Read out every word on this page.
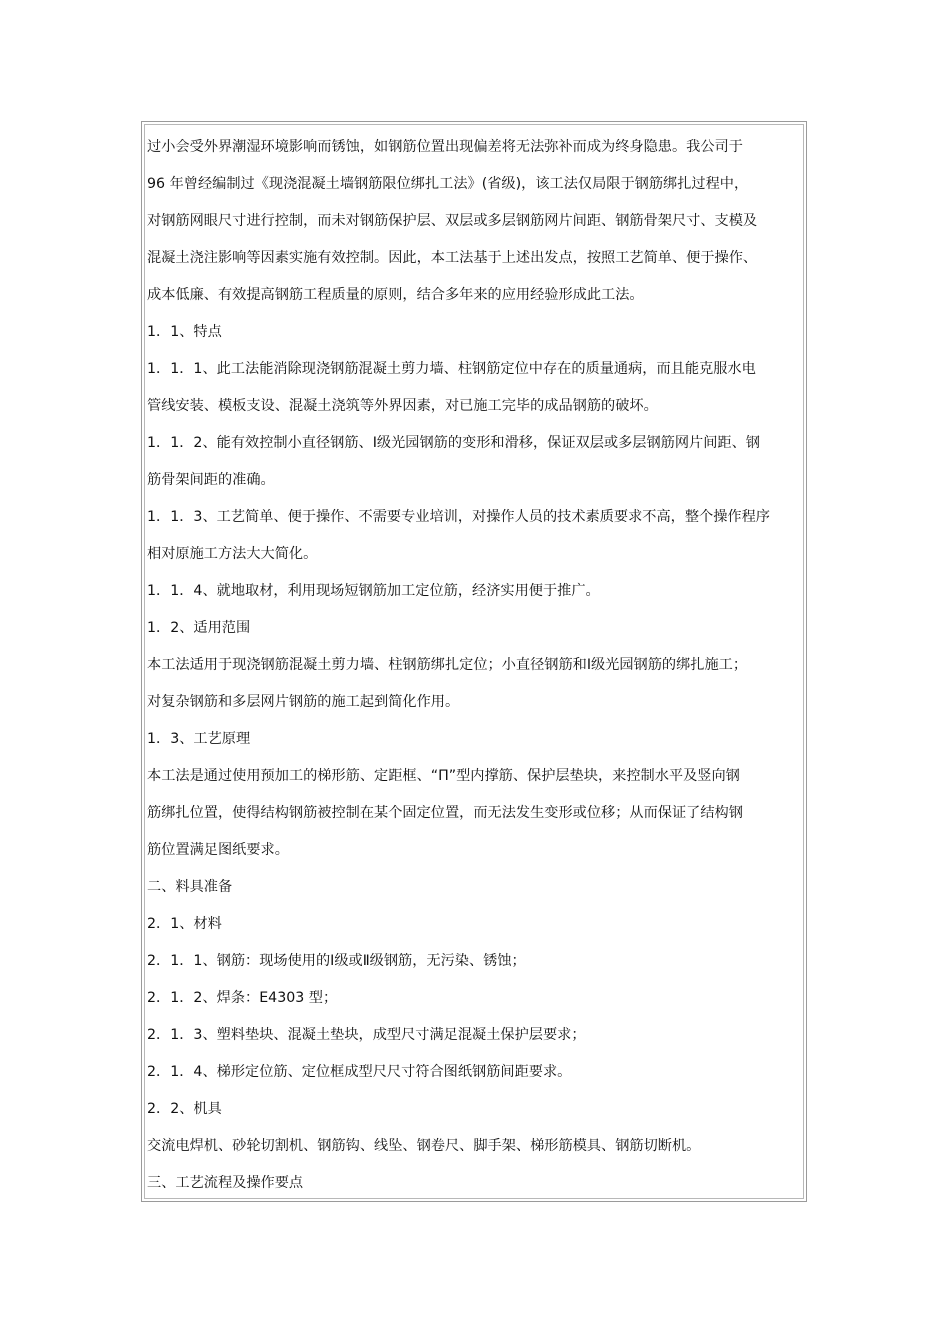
过小会受外界潮湿环境影响而锈蚀，如钢筋位置出现偏差将无法弥补而成为终身隐患。我公司于
96 年曾经编制过《现浇混凝土墙钢筋限位绑扎工法》(省级)，该工法仅局限于钢筋绑扎过程中，
对钢筋网眼尺寸进行控制，而未对钢筋保护层、双层或多层钢筋网片间距、钢筋骨架尺寸、支模及
混凝土浇注影响等因素实施有效控制。因此，本工法基于上述出发点，按照工艺简单、便于操作、
成本低廉、有效提高钢筋工程质量的原则，结合多年来的应用经验形成此工法。
1．1、特点
1．1．1、此工法能消除现浇钢筋混凝土剪力墙、柱钢筋定位中存在的质量通病，而且能克服水电
管线安装、模板支设、混凝土浇筑等外界因素，对已施工完毕的成品钢筋的破坏。
1．1．2、能有效控制小直径钢筋、Ⅰ级光园钢筋的变形和滑移，保证双层或多层钢筋网片间距、钢
筋骨架间距的准确。
1．1．3、工艺简单、便于操作、不需要专业培训，对操作人员的技术素质要求不高，整个操作程序
相对原施工方法大大简化。
1．1．4、就地取材，利用现场短钢筋加工定位筋，经济实用便于推广。
1．2、适用范围
本工法适用于现浇钢筋混凝土剪力墙、柱钢筋绑扎定位；小直径钢筋和Ⅰ级光园钢筋的绑扎施工；
对复杂钢筋和多层网片钢筋的施工起到简化作用。
1．3、工艺原理
本工法是通过使用预加工的梯形筋、定距框、“Π”型内撑筋、保护层垫块，来控制水平及竖向钢
筋绑扎位置，使得结构钢筋被控制在某个固定位置，而无法发生变形或位移；从而保证了结构钢
筋位置满足图纸要求。
二、料具准备
2．1、材料
2．1．1、钢筋：现场使用的Ⅰ级或Ⅱ级钢筋，无污染、锈蚀；
2．1．2、焊条：E4303 型；
2．1．3、塑料垫块、混凝土垫块，成型尺寸满足混凝土保护层要求；
2．1．4、梯形定位筋、定位框成型尺尺寸符合图纸钢筋间距要求。
2．2、机具
交流电焊机、砂轮切割机、钢筋钩、线坠、钢卷尺、脚手架、梯形筋模具、钢筋切断机。
三、工艺流程及操作要点
